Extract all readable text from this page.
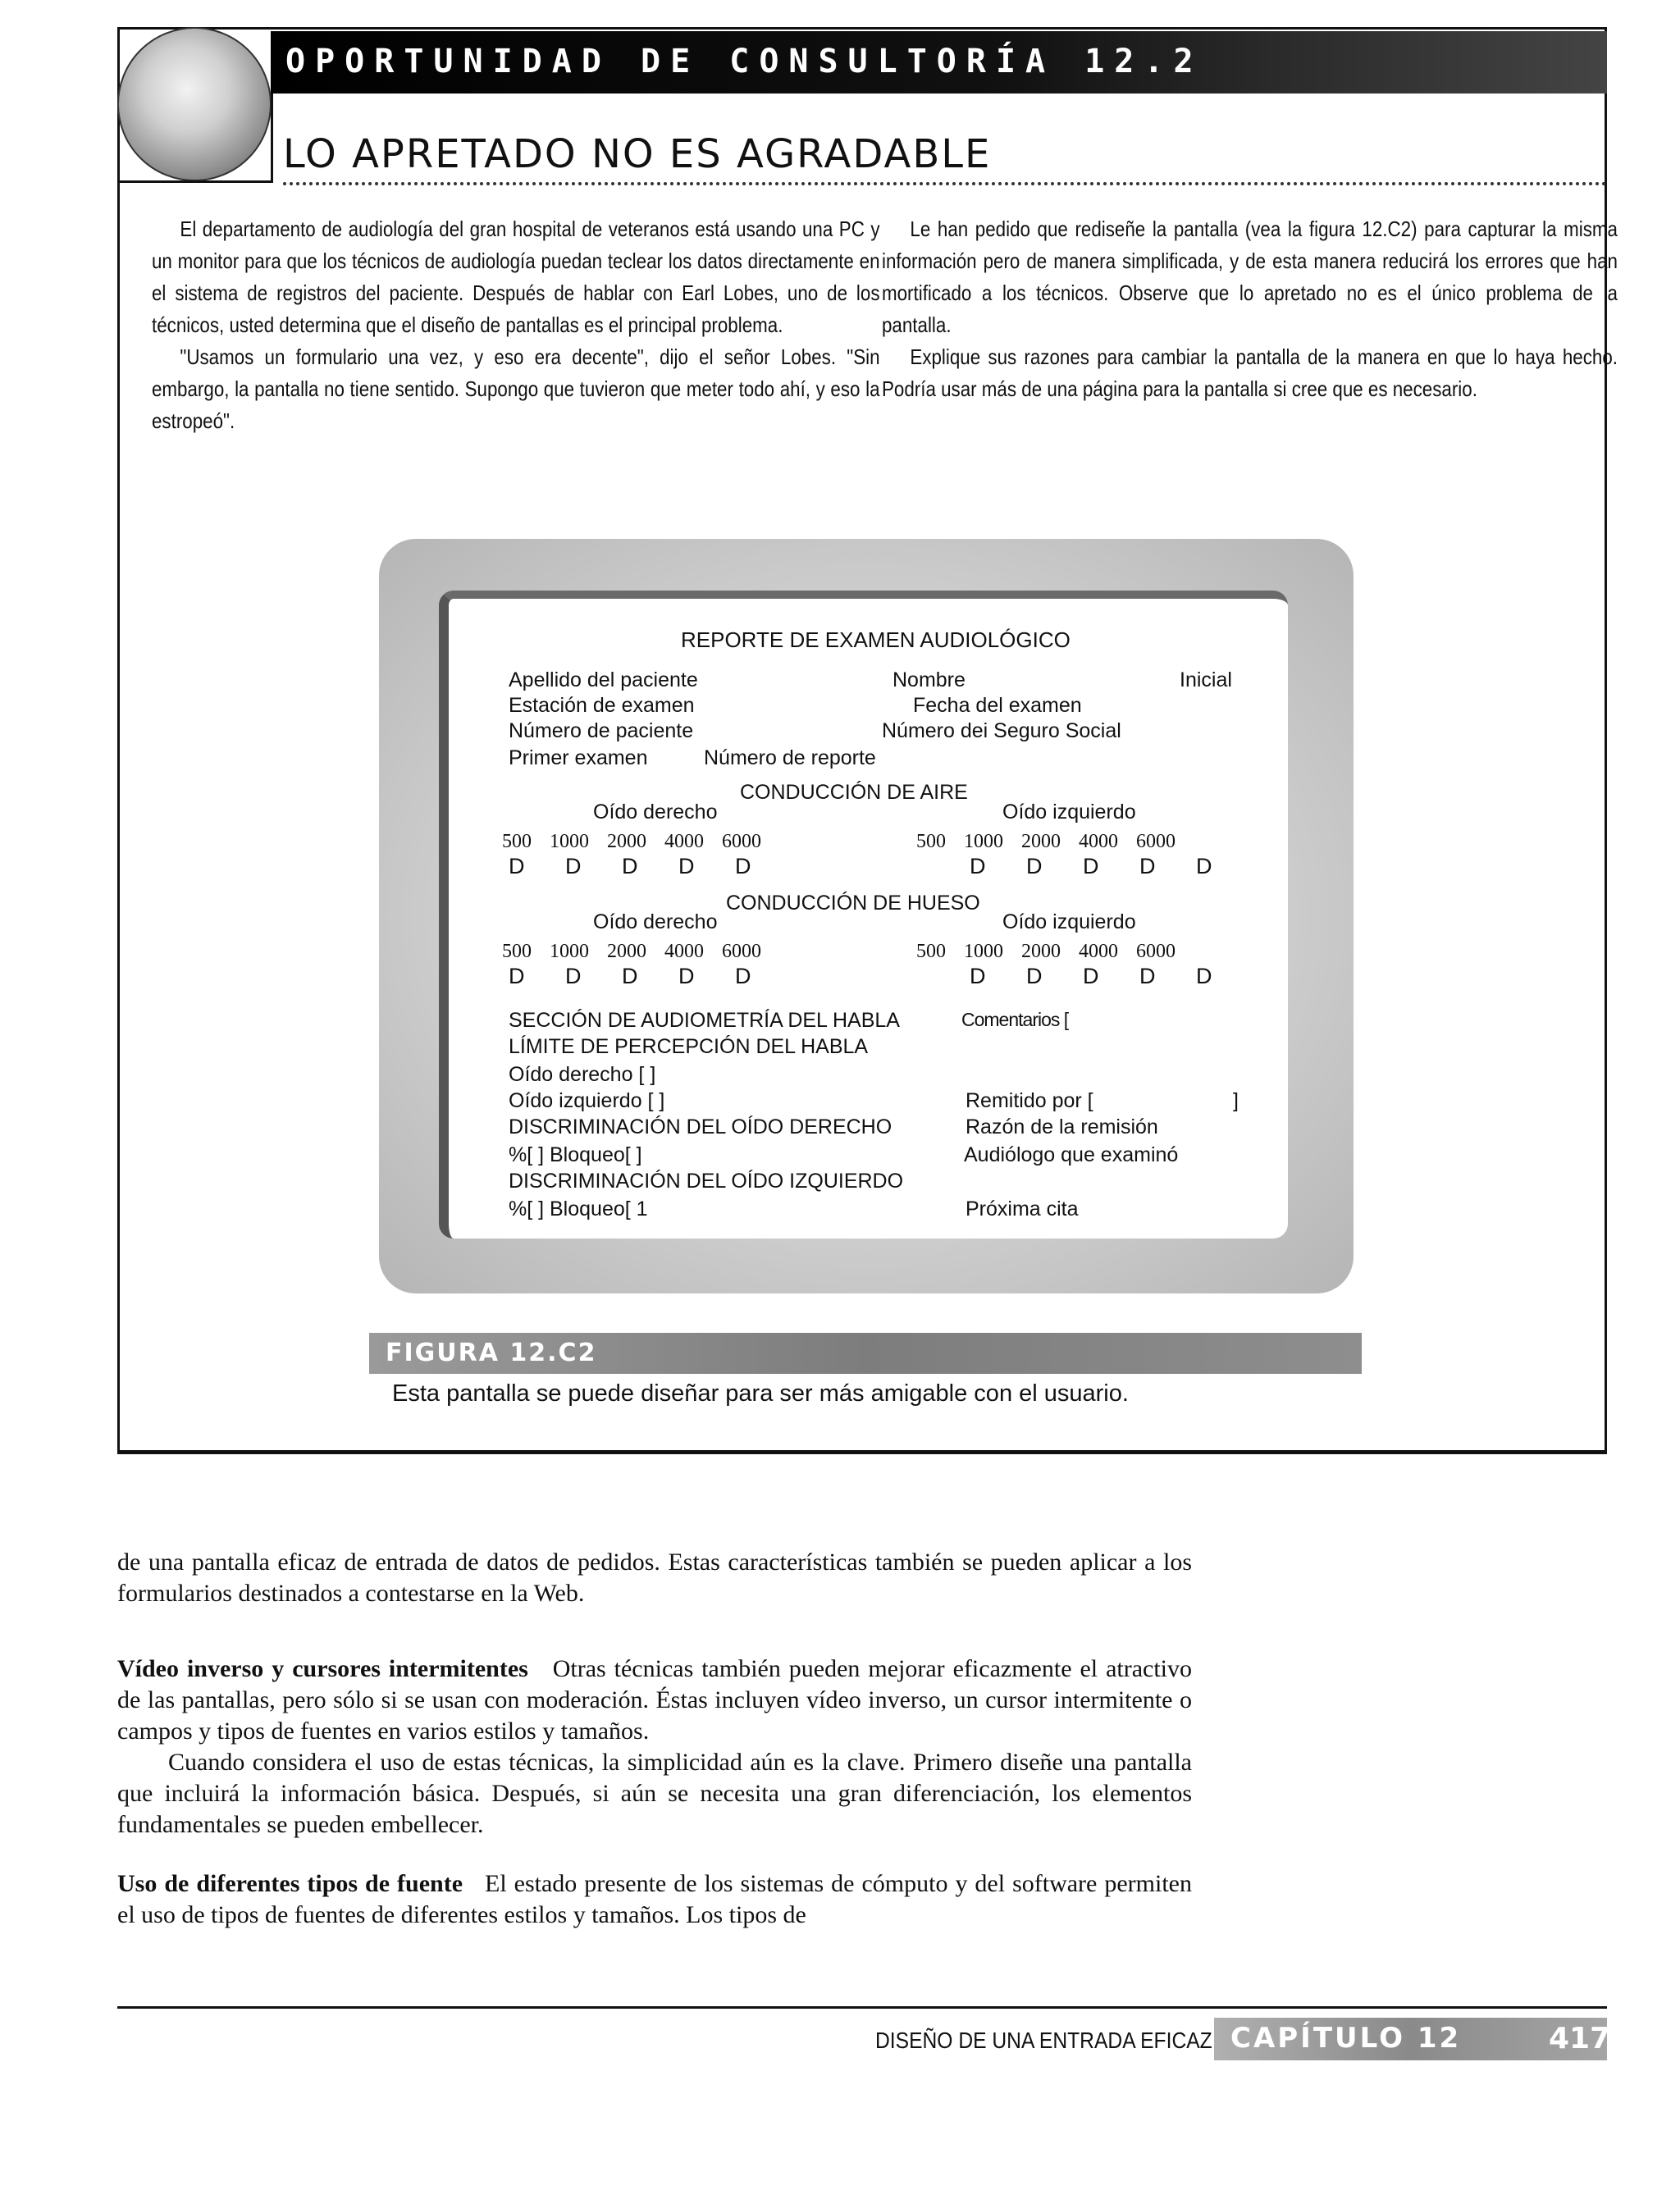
OPORTUNIDAD DE CONSULTORÍA 12.2
LO APRETADO NO ES AGRADABLE

El departamento de audiología del gran hospital de veteranos está usando una PC y un monitor para que los técnicos de audiología puedan teclear los datos directamente en el sistema de registros del paciente. Después de hablar con Earl Lobes, uno de los técnicos, usted determina que el diseño de pantallas es el principal problema.

"Usamos un formulario una vez, y eso era decente", dijo el señor Lobes. "Sin embargo, la pantalla no tiene sentido. Supongo que tuvieron que meter todo ahí, y eso la estropeó".

Le han pedido que rediseñe la pantalla (vea la figura 12.C2) para capturar la misma información pero de manera simplificada, y de esta manera reducirá los errores que han mortificado a los técnicos. Observe que lo apretado no es el único problema de la pantalla.

Explique sus razones para cambiar la pantalla de la manera en que lo haya hecho. Podría usar más de una página para la pantalla si cree que es necesario.

REPORTE DE EXAMEN AUDIOLÓGICO
Apellido del paciente	Nombre	Inicial
Estación de examen	Fecha del examen
Número de paciente	Número dei Seguro Social
Primer examen	Número de reporte
CONDUCCIÓN DE AIRE
Oído derecho	Oído izquierdo
500 1000 2000 4000 6000	500 1000 2000 4000 6000
D D D D D	D D D D D
CONDUCCIÓN DE HUESO
Oído derecho	Oído izquierdo
500 1000 2000 4000 6000	500 1000 2000 4000 6000
D D D D D	D D D D D
SECCIÓN DE AUDIOMETRÍA DEL HABLA	Comentarios [
LÍMITE DE PERCEPCIÓN DEL HABLA
Oído derecho [ ]
Oído izquierdo [ ]	Remitido por [	]
DISCRIMINACIÓN DEL OÍDO DERECHO	Razón de la remisión
%[ ] Bloqueo[ ]	Audiólogo que examinó
DISCRIMINACIÓN DEL OÍDO IZQUIERDO
%[ ] Bloqueo[ 1	Próxima cita
FIGURA 12.C2
Esta pantalla se puede diseñar para ser más amigable con el usuario.

de una pantalla eficaz de entrada de datos de pedidos. Estas características también se pueden aplicar a los formularios destinados a contestarse en la Web.

Vídeo inverso y cursores intermitentes Otras técnicas también pueden mejorar eficazmente el atractivo de las pantallas, pero sólo si se usan con moderación. Éstas incluyen vídeo inverso, un cursor intermitente o campos y tipos de fuentes en varios estilos y tamaños.

Cuando considera el uso de estas técnicas, la simplicidad aún es la clave. Primero diseñe una pantalla que incluirá la información básica. Después, si aún se necesita una gran diferenciación, los elementos fundamentales se pueden embellecer.

Uso de diferentes tipos de fuente El estado presente de los sistemas de cómputo y del software permiten el uso de tipos de fuentes de diferentes estilos y tamaños. Los tipos de

DISEÑO DE UNA ENTRADA EFICAZ CAPÍTULO 12	417
